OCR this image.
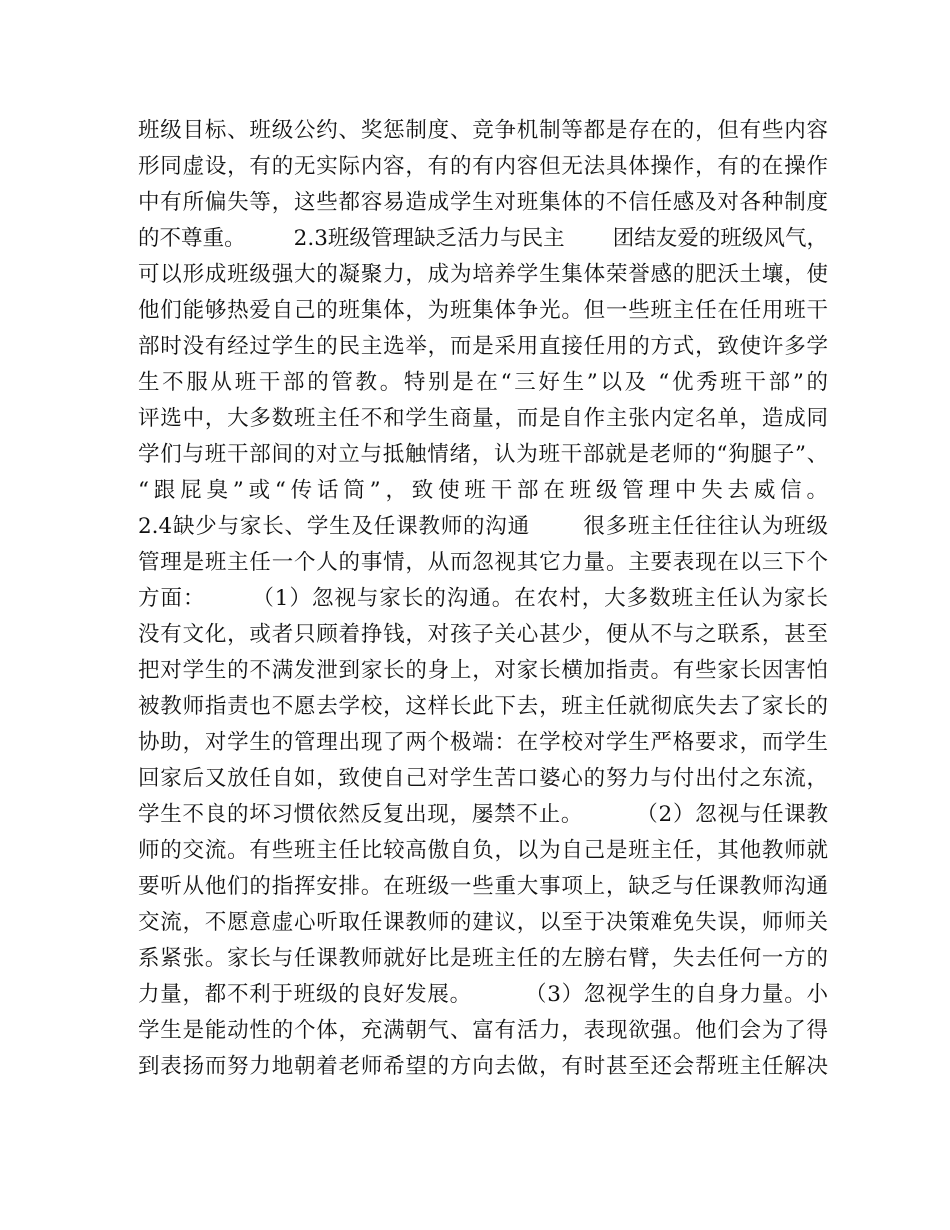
班级目标、班级公约、奖惩制度、竞争机制等都是存在的，但有些内容
形同虚设，有的无实际内容，有的有内容但无法具体操作，有的在操作
中有所偏失等，这些都容易造成学生对班集体的不信任感及对各种制度
的不尊重。       2.3班级管理缺乏活力与民主       团结友爱的班级风气，
可以形成班级强大的凝聚力，成为培养学生集体荣誉感的肥沃土壤，使
他们能够热爱自己的班集体，为班集体争光。但一些班主任在任用班干
部时没有经过学生的民主选举，而是采用直接任用的方式，致使许多学
生不服从班干部的管教。特别是在“三好生”以及 “优秀班干部”的
评选中，大多数班主任不和学生商量，而是自作主张内定名单，造成同
学们与班干部间的对立与抵触情绪，认为班干部就是老师的“狗腿子”、
“跟屁臭”或“传话筒”，致使班干部在班级管理中失去威信。
2.4缺少与家长、学生及任课教师的沟通       很多班主任往往认为班级
管理是班主任一个人的事情，从而忽视其它力量。主要表现在以三下个
方面：      （1）忽视与家长的沟通。在农村，大多数班主任认为家长
没有文化，或者只顾着挣钱，对孩子关心甚少，便从不与之联系，甚至
把对学生的不满发泄到家长的身上，对家长横加指责。有些家长因害怕
被教师指责也不愿去学校，这样长此下去，班主任就彻底失去了家长的
协助，对学生的管理出现了两个极端：在学校对学生严格要求，而学生
回家后又放任自如，致使自己对学生苦口婆心的努力与付出付之东流，
学生不良的坏习惯依然反复出现，屡禁不止。       （2）忽视与任课教
师的交流。有些班主任比较高傲自负，以为自己是班主任，其他教师就
要听从他们的指挥安排。在班级一些重大事项上，缺乏与任课教师沟通
交流，不愿意虚心听取任课教师的建议，以至于决策难免失误，师师关
系紧张。家长与任课教师就好比是班主任的左膀右臂，失去任何一方的
力量，都不利于班级的良好发展。       （3）忽视学生的自身力量。小
学生是能动性的个体，充满朝气、富有活力，表现欲强。他们会为了得
到表扬而努力地朝着老师希望的方向去做，有时甚至还会帮班主任解决
